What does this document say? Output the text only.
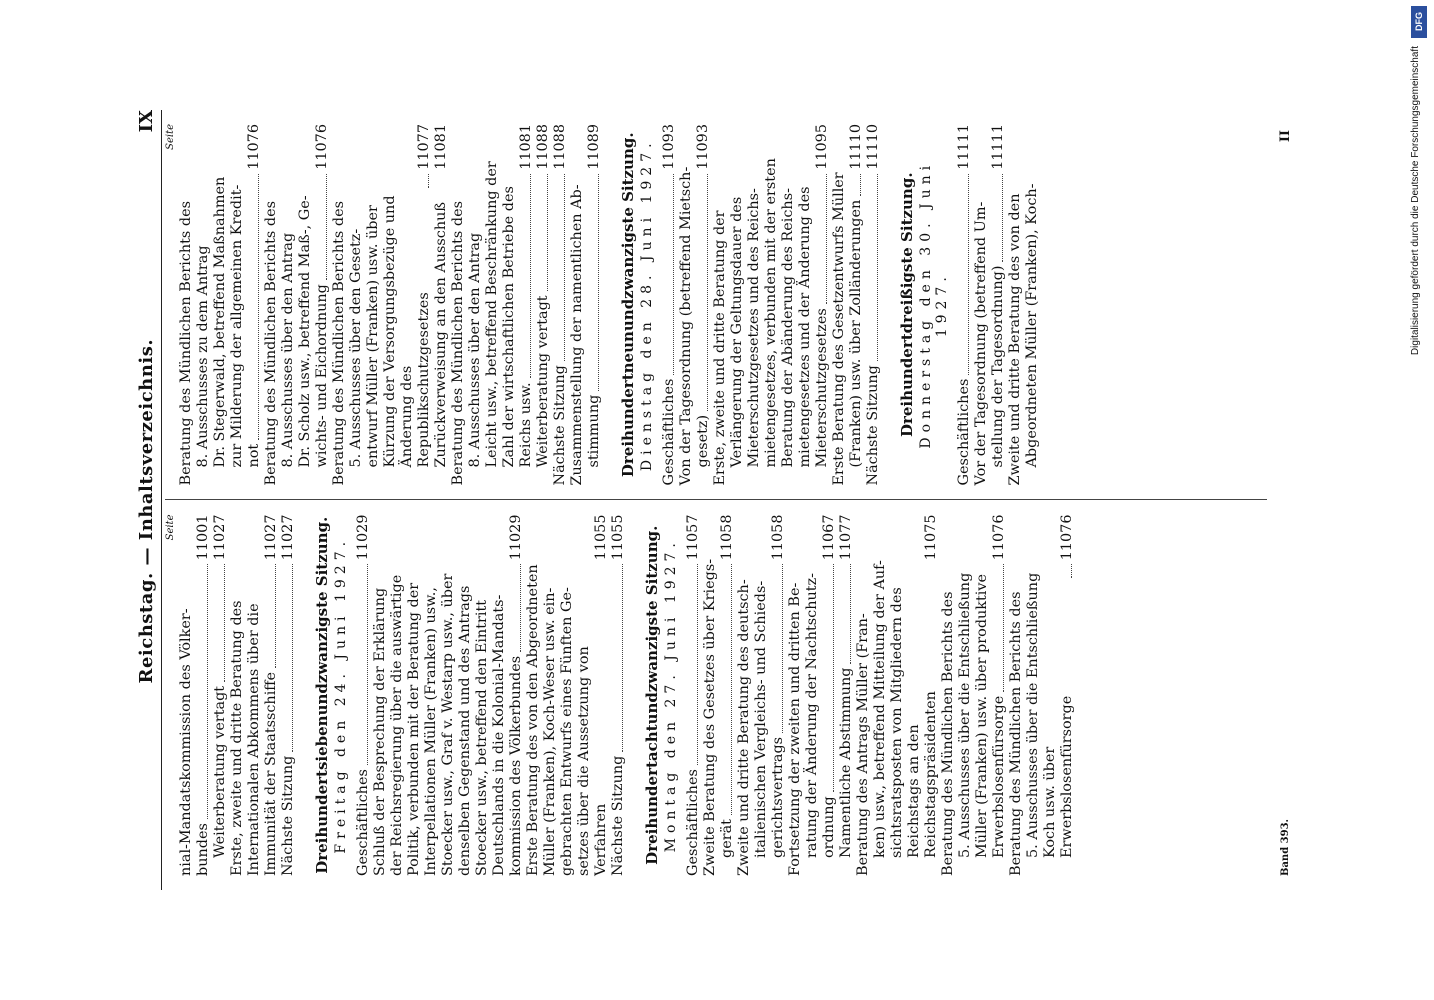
Reichstag. — Inhaltsverzeichnis.
IX
Seite
nial-Mandatskommission des Völker- bundes
11001
Weiterberatung vertagt
11027
Erste, zweite und dritte Beratung des Internationalen Abkommens über die Immunität der Staatsschiffe
11027
Nächste Sitzung
11027 Dreihundertsiebenundzwanzigste Sitzung. Freitag den 24. Juni 1927. Geschäftliches
11029
Schluß der Besprechung der Erklärung der Reichsregierung über die auswärtige Politik, verbunden mit der Beratung der Interpellationen Müller (Franken) usw., Stoecker usw., Graf v. Westarp usw., über denselben Gegenstand und des Antrags Stoecker usw., betreffend den Eintritt Deutschlands in die Kolonial-Mandats- kommission des Völkerbundes
11029
Erste Beratung des von den Abgeordneten Müller (Franken), Koch-Weser usw. ein- gebrachten Entwurfs eines Fünften Ge- setzes über die Aussetzung von Verfahren
11055
Nächste Sitzung
11055 Dreihundertachtundzwanzigste Sitzung. Montag den 27. Juni 1927. Geschäftliches
11057
Zweite Beratung des Gesetzes über Kriegs- gerät
11058
Zweite und dritte Beratung des deutsch- italienischen Vergleichs- und Schieds- gerichtsvertrags
11058
Fortsetzung der zweiten und dritten Be- ratung der Änderung der Nachtschutz- ordnung
11067
Namentliche Abstimmung
11077
Beratung des Antrags Müller (Fran- ken) usw., betreffend Mitteilung der Auf- sichtsratsposten von Mitgliedern des Reichstags an den Reichstagspräsidenten
11075
Beratung des Mündlichen Berichts des 5. Ausschusses über die Entschließung Müller (Franken) usw. über produktive Erwerbslosenfürsorge
11076
Beratung des Mündlichen Berichts des 5. Ausschusses über die Entschließung Koch usw. über Erwerbslosenfürsorge
11076
Seite
Beratung des Mündlichen Berichts des 8. Ausschusses zu dem Antrag Dr. Stegerwald, betreffend Maßnahmen zur Milderung der allgemeinen Kredit- not
11076
Beratung des Mündlichen Berichts des 8. Ausschusses über den Antrag Dr. Scholz usw., betreffend Maß-, Ge- wichts- und Eichordnung
11076
Beratung des Mündlichen Berichts des 5. Ausschusses über den Gesetz- entwurf Müller (Franken) usw. über Kürzung der Versorgungsbezüge und Änderung des Republikschutzgesetzes
11077
Zurückverweisung an den Ausschuß
11081
Beratung des Mündlichen Berichts des 8. Ausschusses über den Antrag Leicht usw., betreffend Beschränkung der Zahl der wirtschaftlichen Betriebe des Reichs usw.
11081
Weiterberatung vertagt
11088
Nächste Sitzung
11088
Zusammenstellung der namentlichen Ab- stimmung
11089 Dreihundertneunundzwanzigste Sitzung. Dienstag den 28. Juni 1927. Geschäftliches
11093
Von der Tagesordnung (betreffend Mietsch- gesetz)
11093
Erste, zweite und dritte Beratung der Verlängerung der Geltungsdauer des Mieterschutzgesetzes und des Reichs- mietengesetzes, verbunden mit der ersten Beratung der Abänderung des Reichs- mietengesetzes und der Änderung des Mieterschutzgesetzes
11095
Erste Beratung des Gesetzentwurfs Müller (Franken) usw. über Zolländerungen
11110
Nächste Sitzung
11110
Dreihundertdreißigste Sitzung. Donnerstag den 30. Juni 1927.
Geschäftliches
11111
Vor der Tagesordnung (betreffend Um- stellung der Tagesordnung)
11111
Zweite und dritte Beratung des von den Abgeordneten Müller (Franken), Koch-
Band 393.
II
DFG
Digitalisierung gefördert durch die Deutsche Forschungsgemeinschaft
